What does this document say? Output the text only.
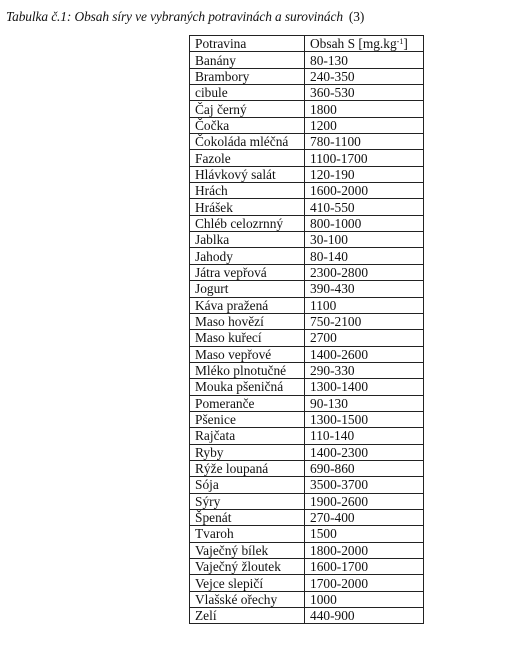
Tabulka č.1: Obsah síry ve vybraných potravinách a surovinách (3)
Potravina	Obsah S $[mg.kg^{-1}]$
Banány	80-130
Brambory	240-350
cibule	360-530
Čaj černý	1800
Čočka	1200
Čokoláda mléčná	780-1100
Fazole	1100-1700
Hlávkový salát	120-190
Hrách	1600-2000
Hrášek	410-550
Chléb celozrnný	800-1000
Jablka	30-100
Jahody	80-140
Játra vepřová	2300-2800
Jogurt	390-430
Káva pražená	1100
Maso hovězí	750-2100
Maso kuřecí	2700
Maso vepřové	1400-2600
Mléko plnotučné	290-330
Mouka pšeničná	1300-1400
Pomeranče	90-130
Pšenice	1300-1500
Rajčata	110-140
Ryby	1400-2300
Rýže loupaná	690-860
Sója	3500-3700
Sýry	1900-2600
Špenát	270-400
Tvaroh	1500
Vaječný bílek	1800-2000
Vaječný žloutek	1600-1700
Vejce slepičí	1700-2000
Vlašské ořechy	1000
Zelí	440-900
